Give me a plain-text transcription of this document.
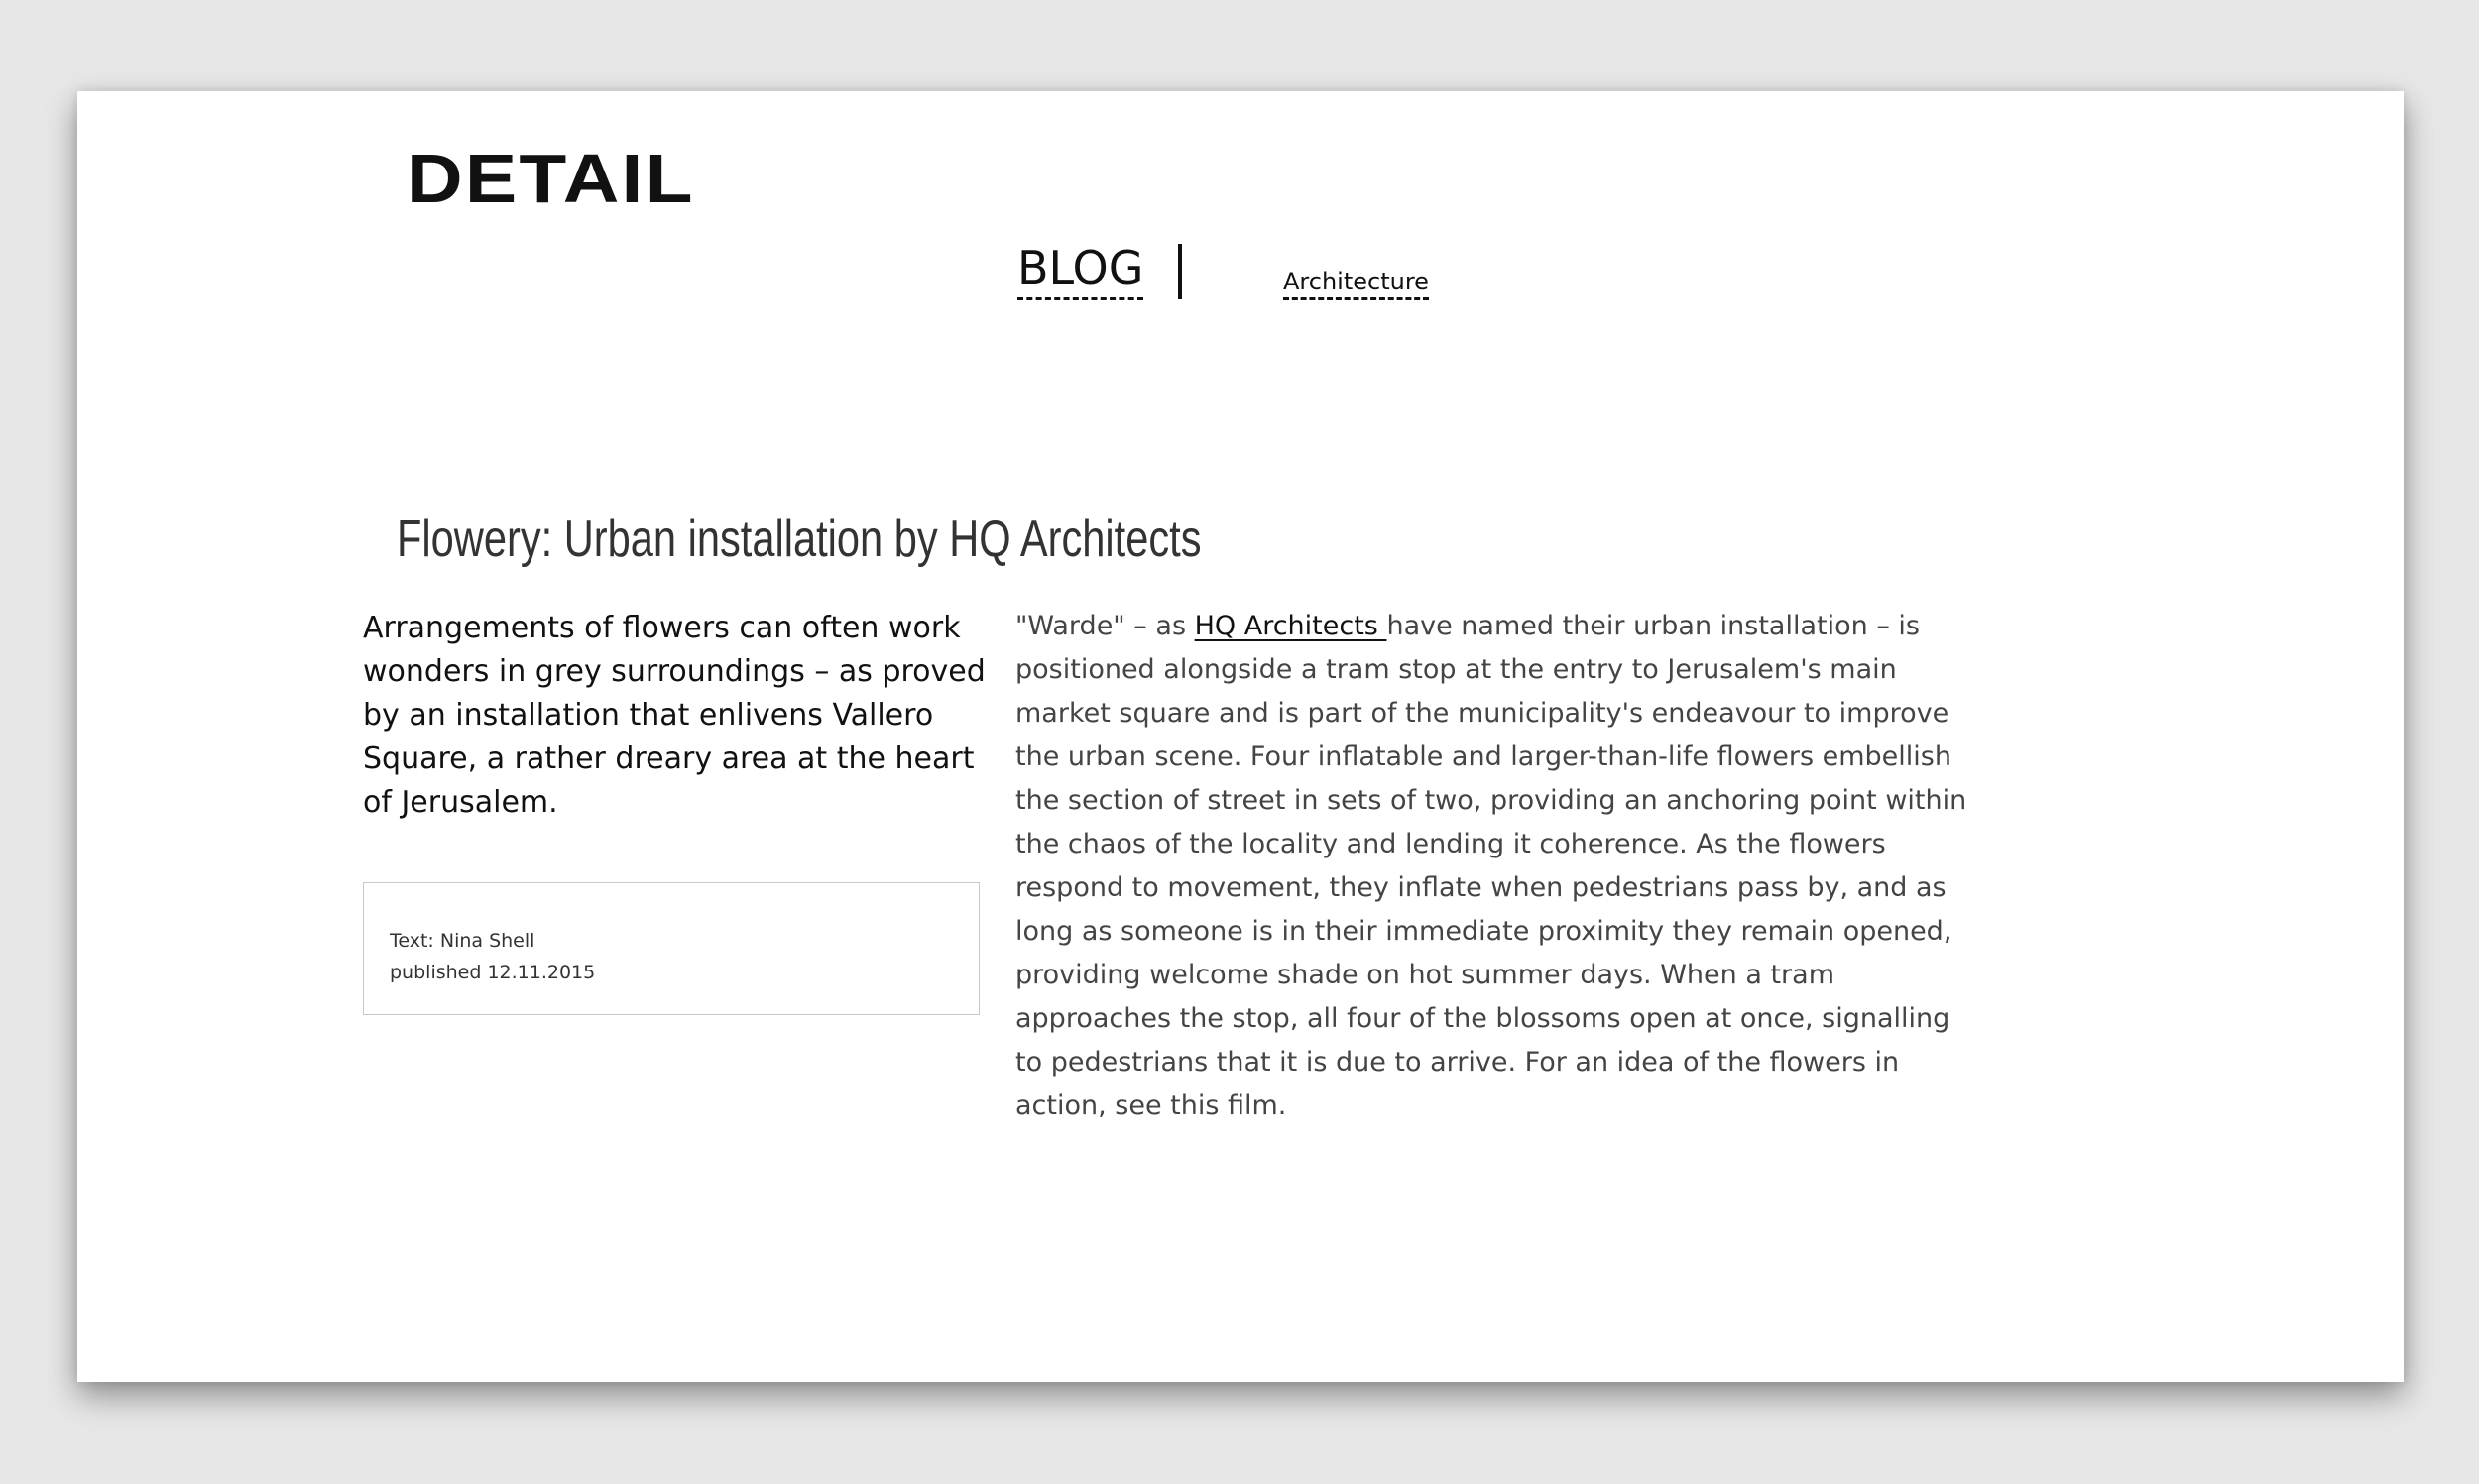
DETAIL
BLOG	Architecture
Flowery: Urban installation by HQ Architects

Arrangements of flowers can often work wonders in grey surroundings – as proved by an installation that enlivens Vallero Square, a rather dreary area at the heart of Jerusalem.

Text: Nina Shell
published 12.11.2015

"Warde" – as HQ Architects have named their urban installation – is positioned alongside a tram stop at the entry to Jerusalem's main market square and is part of the municipality's endeavour to improve the urban scene. Four inflatable and larger-than-life flowers embellish the section of street in sets of two, providing an anchoring point within the chaos of the locality and lending it coherence. As the flowers respond to movement, they inflate when pedestrians pass by, and as long as someone is in their immediate proximity they remain opened, providing welcome shade on hot summer days. When a tram approaches the stop, all four of the blossoms open at once, signalling to pedestrians that it is due to arrive. For an idea of the flowers in action, see this film.
